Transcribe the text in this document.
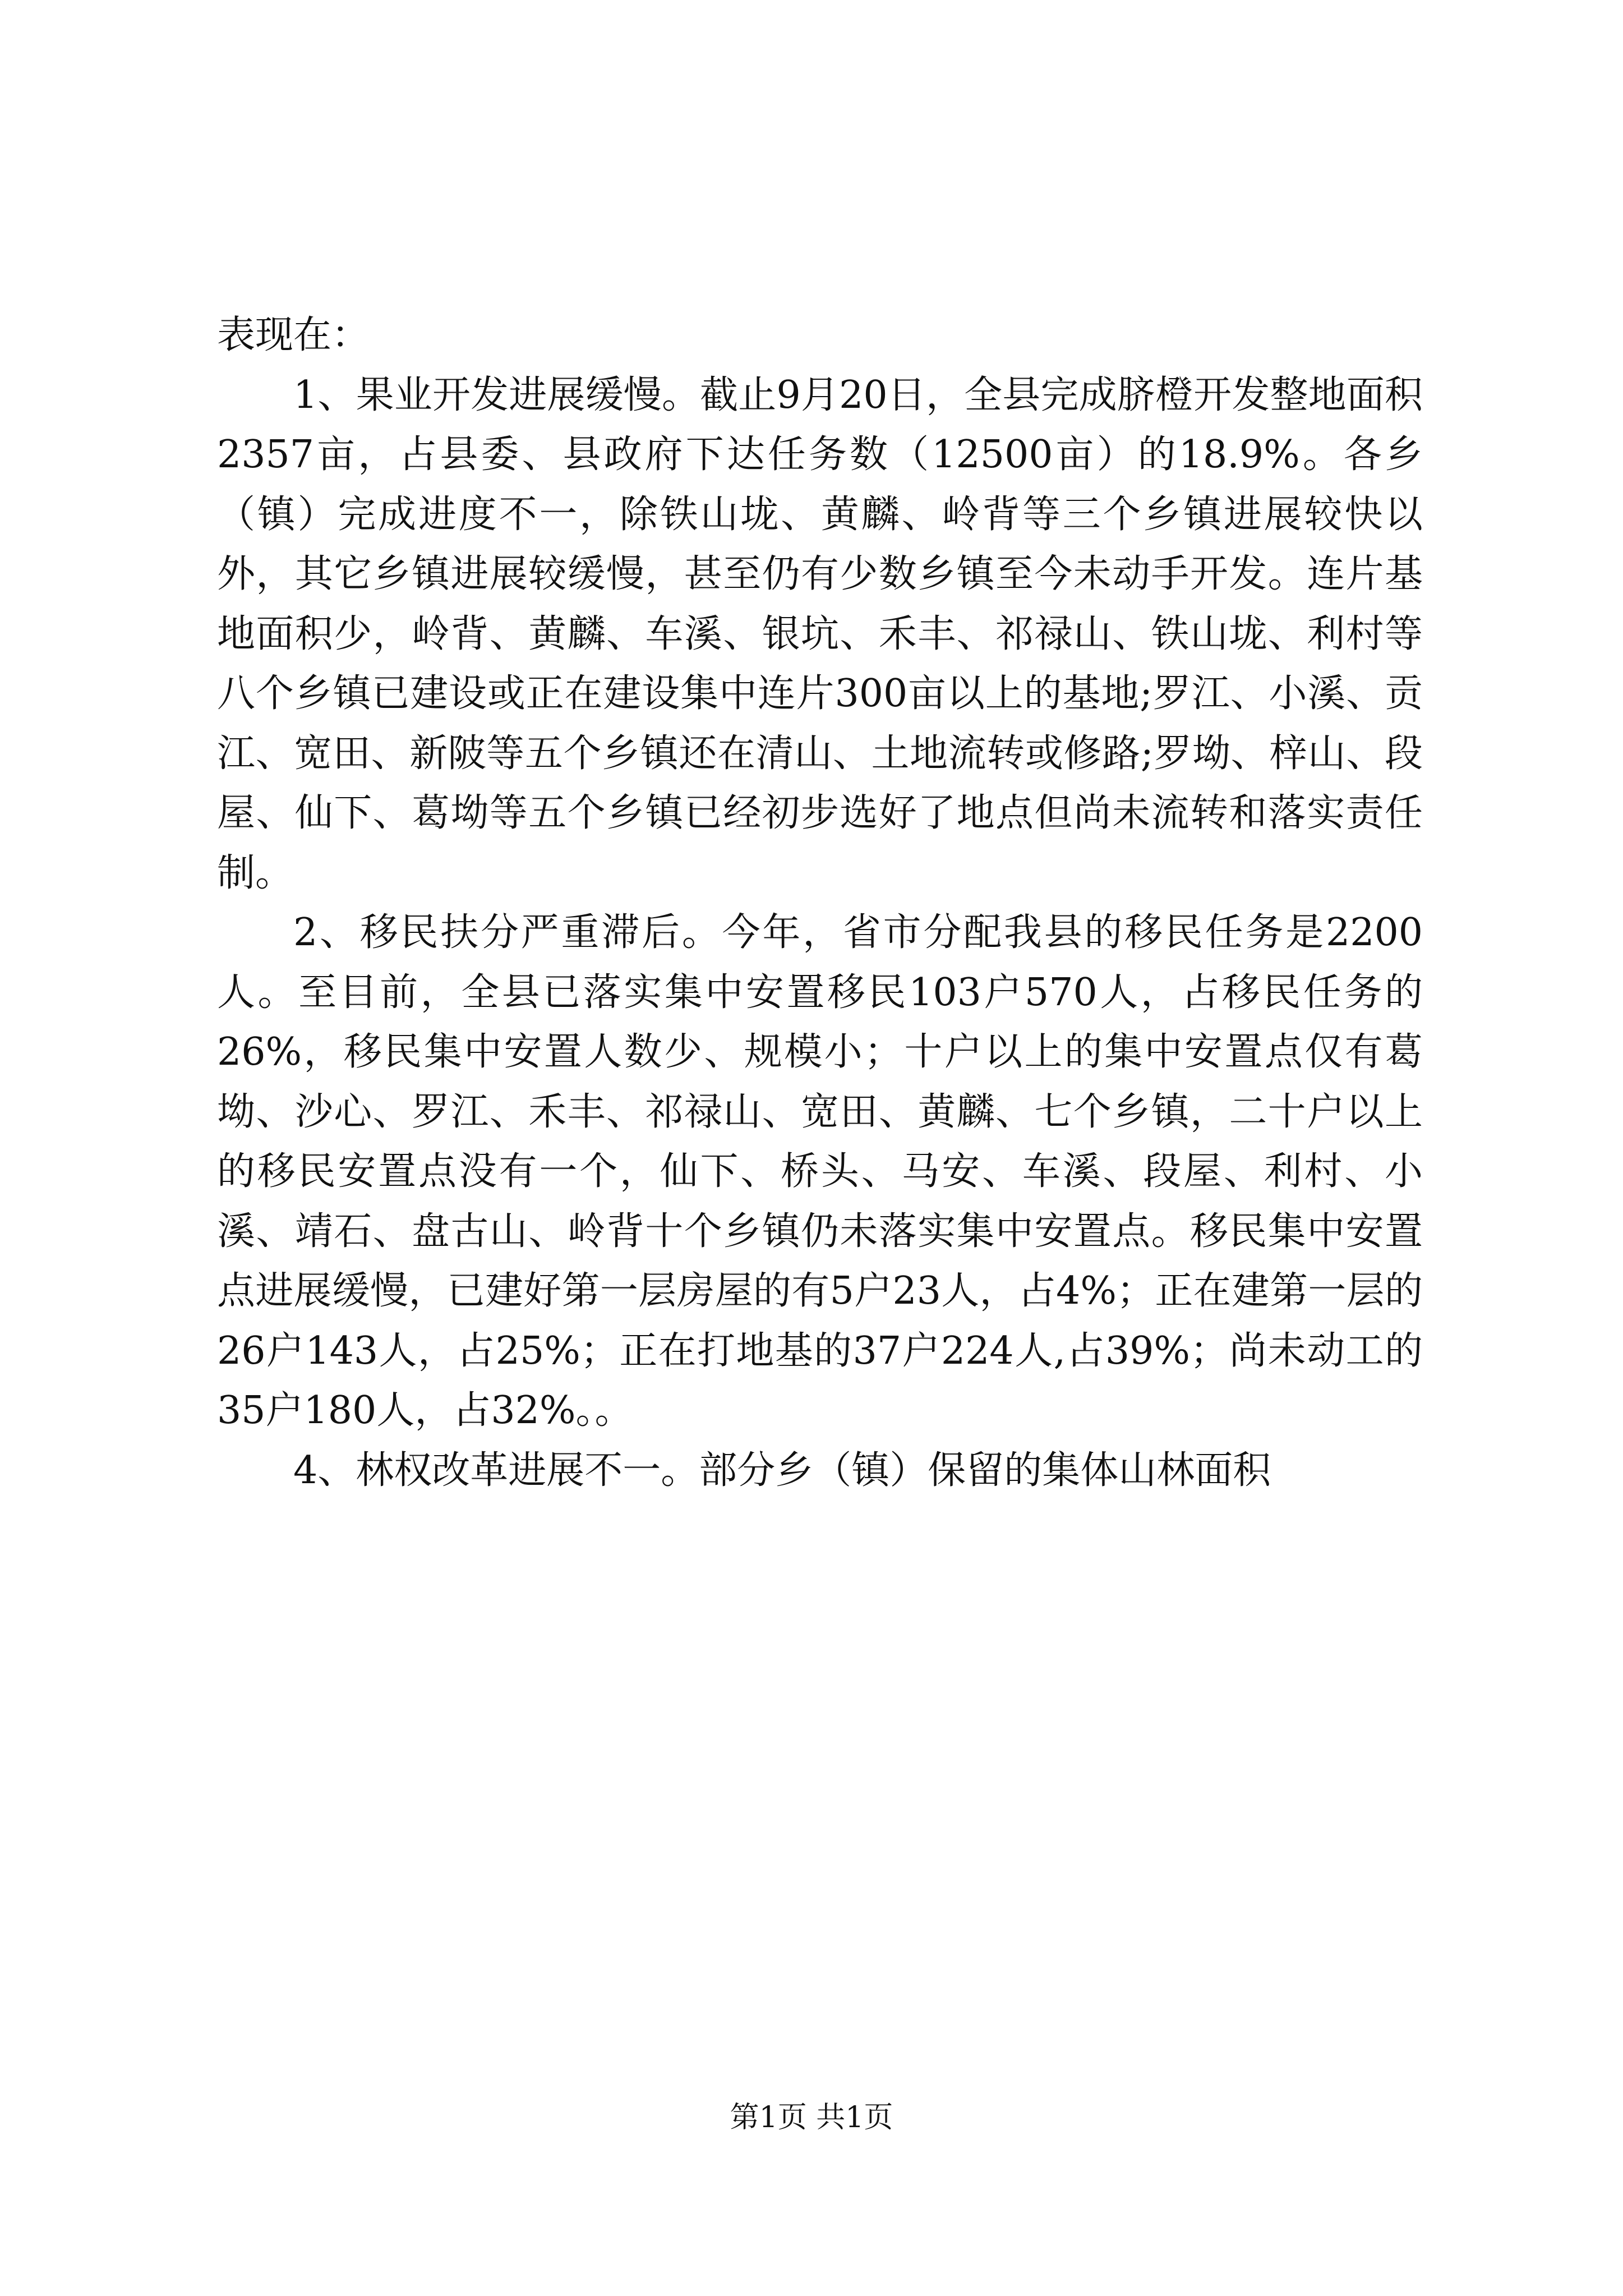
表现在：

1、果业开发进展缓慢。截止9月20日，全县完成脐橙开发整地面积2357亩，占县委、县政府下达任务数（12500亩）的18.9%。各乡（镇）完成进度不一，除铁山垅、黄麟、岭背等三个乡镇进展较快以外，其它乡镇进展较缓慢，甚至仍有少数乡镇至今未动手开发。连片基地面积少，岭背、黄麟、车溪、银坑、禾丰、祁禄山、铁山垅、利村等八个乡镇已建设或正在建设集中连片300亩以上的基地;罗江、小溪、贡江、宽田、新陂等五个乡镇还在清山、土地流转或修路;罗坳、梓山、段屋、仙下、葛坳等五个乡镇已经初步选好了地点但尚未流转和落实责任制。

2、移民扶分严重滞后。今年，省市分配我县的移民任务是2200人。至目前，全县已落实集中安置移民103户570人，占移民任务的26%，移民集中安置人数少、规模小；十户以上的集中安置点仅有葛坳、沙心、罗江、禾丰、祁禄山、宽田、黄麟、七个乡镇，二十户以上的移民安置点没有一个，仙下、桥头、马安、车溪、段屋、利村、小溪、靖石、盘古山、岭背十个乡镇仍未落实集中安置点。移民集中安置点进展缓慢，已建好第一层房屋的有5户23人，占4%；正在建第一层的26户143人，占25%；正在打地基的37户224人,占39%；尚未动工的35户180人，占32%。。

4、林权改革进展不一。部分乡（镇）保留的集体山林面积

第1页 共1页
